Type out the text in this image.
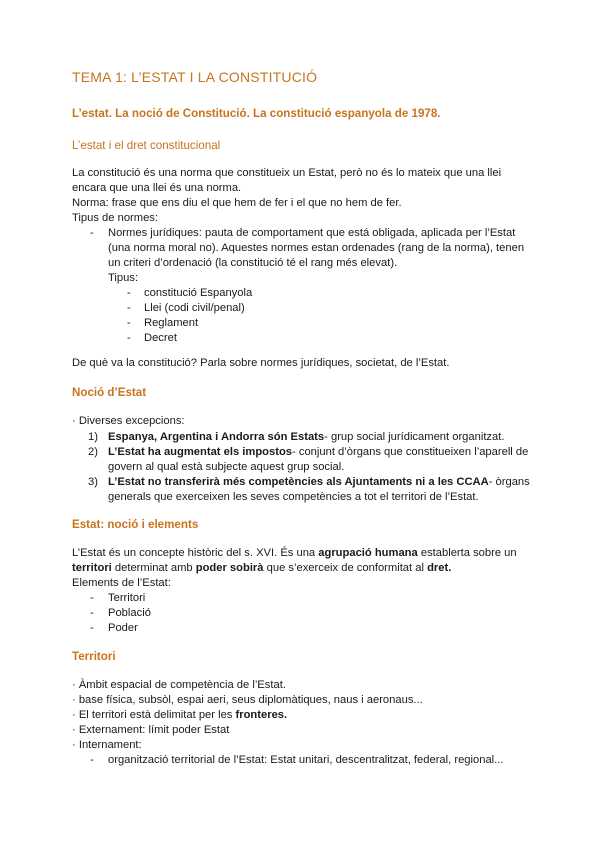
TEMA 1: L’ESTAT I LA CONSTITUCIÓ
L’estat. La noció de Constitució. La constitució espanyola de 1978.
L’estat i el dret constitucional
La constitució és una norma que constitueix un Estat, però no és lo mateix que una llei
encara que una llei és una norma.
Norma: frase que ens diu el que hem de fer i el que no hem de fer.
Tipus de normes:
- Normes jurídiques: pauta de comportament que está obligada, aplicada per l’Estat
(una norma moral no). Aquestes normes estan ordenades (rang de la norma), tenen
un criteri d’ordenació (la constitució té el rang més elevat).
Tipus:
- constitució Espanyola
- Llei (codi civil/penal)
- Reglament
- Decret
De què va la constitució? Parla sobre normes jurídiques, societat, de l’Estat.
Noció d’Estat
· Diverses excepcions:
1) Espanya, Argentina i Andorra són Estats- grup social jurídicament organitzat.
2) L’Estat ha augmentat els impostos- conjunt d’òrgans que constitueixen l’aparell de
govern al qual està subjecte aquest grup social.
3) L’Estat no transferirà més competències als Ajuntaments ni a les CCAA- òrgans
generals que exerceixen les seves competències a tot el territori de l’Estat.
Estat: noció i elements
L’Estat és un concepte històric del s. XVI. És una agrupació humana establerta sobre un
territori determinat amb poder sobirà que s’exerceix de conformitat al dret.
Elements de l’Estat:
- Territori
- Població
- Poder
Territori
· Àmbit espacial de competència de l’Estat.
· base física, subsòl, espai aeri, seus diplomàtiques, naus i aeronaus...
· El territori està delimitat per les fronteres.
· Externament: límit poder Estat
· Internament:
- organització territorial de l’Estat: Estat unitari, descentralitzat, federal, regional...
